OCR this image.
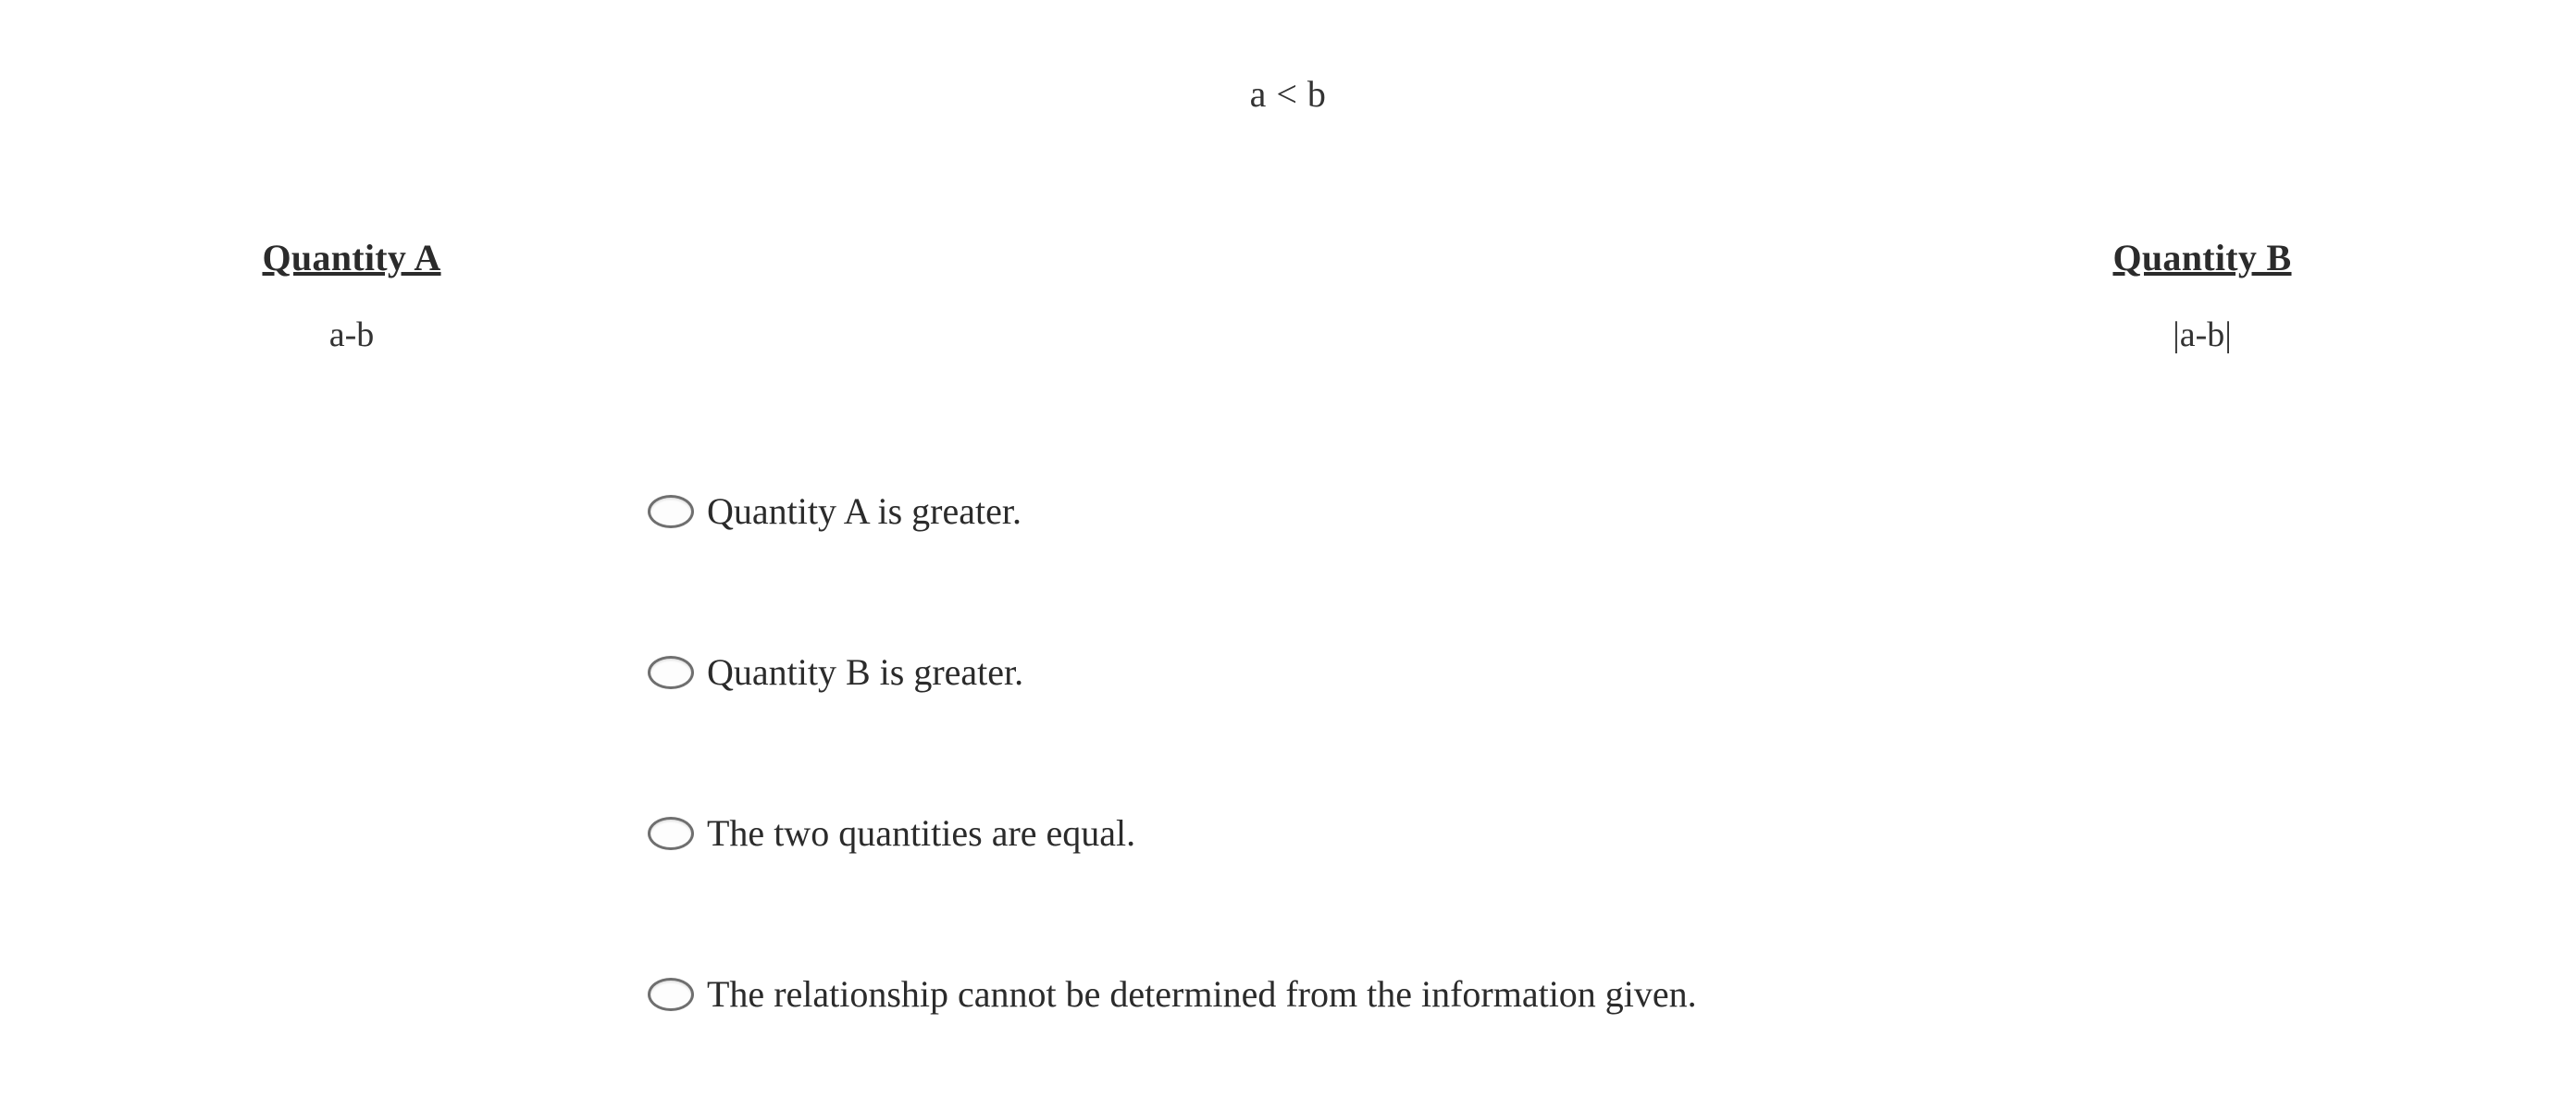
a < b
Quantity A
a-b
Quantity B
|a-b|
Quantity A is greater.
Quantity B is greater.
The two quantities are equal.
The relationship cannot be determined from the information given.
